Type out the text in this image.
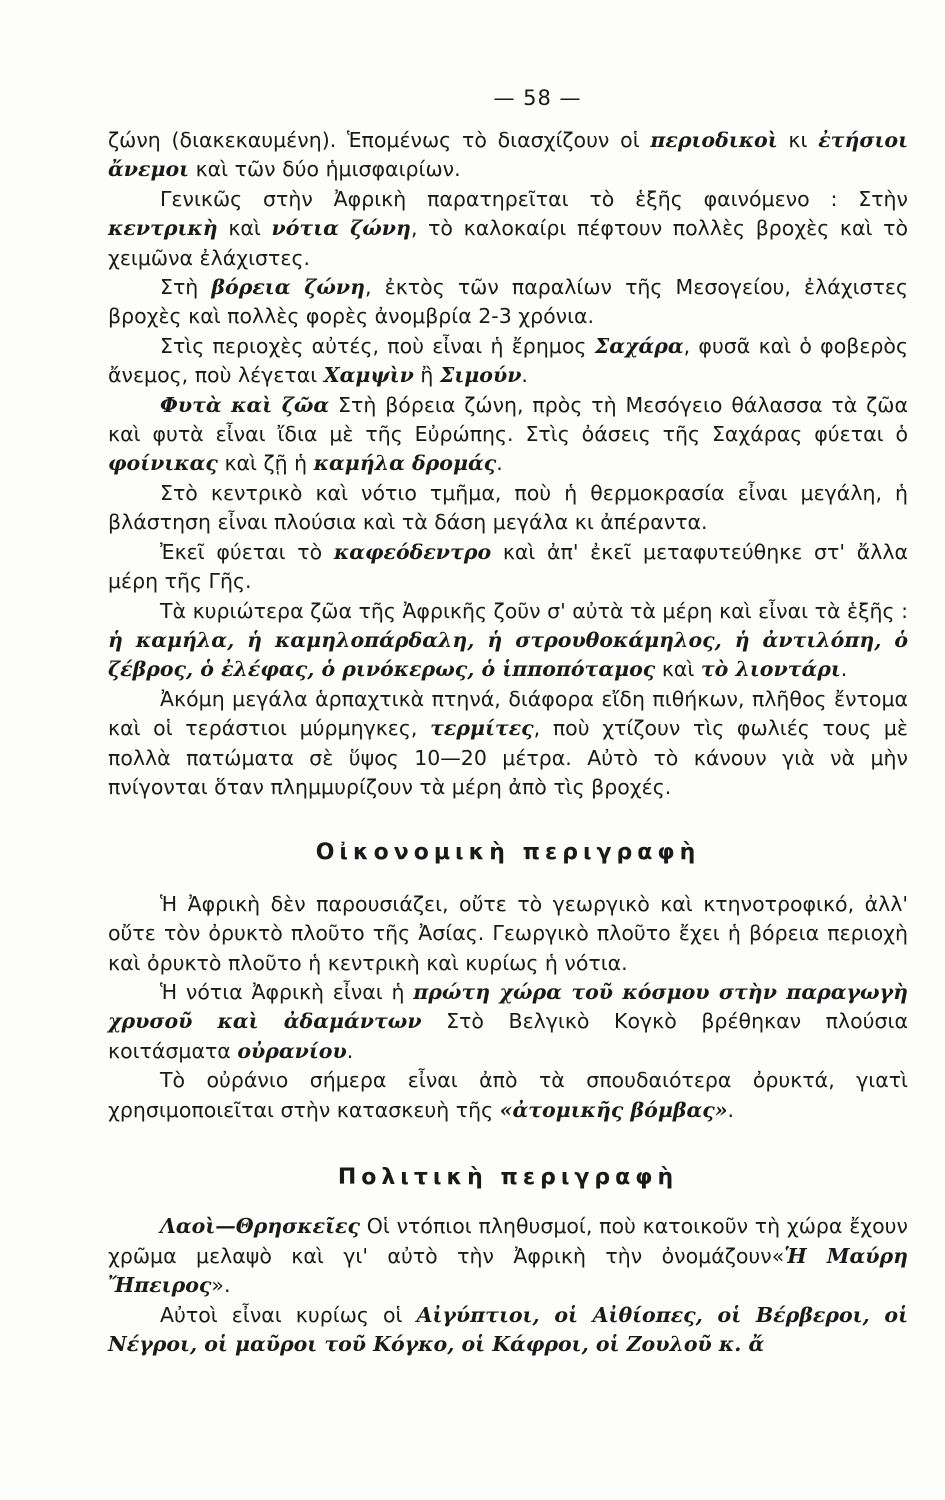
— 58 —

ζώνη (διακεκαυμένη). Ἑπομένως τὸ διασχίζουν οἱ περιοδικοὶ κι ἐτήσιοι ἄνεμοι καὶ τῶν δύο ἡμισφαιρίων.

Γενικῶς στὴν Ἀφρικὴ παρατηρεῖται τὸ ἑξῆς φαινόμενο : Στὴν κεντρικὴ καὶ νότια ζώνη, τὸ καλοκαίρι πέφτουν πολλὲς βροχὲς καὶ τὸ χειμῶνα ἐλάχιστες.

Στὴ βόρεια ζώνη, ἐκτὸς τῶν παραλίων τῆς Μεσογείου, ἐλάχιστες βροχὲς καὶ πολλὲς φορὲς ἀνομβρία 2-3 χρόνια.

Στὶς περιοχὲς αὐτές, ποὺ εἶναι ἡ ἔρημος Σαχάρα, φυσᾶ καὶ ὁ φοβερὸς ἄνεμος, ποὺ λέγεται Χαμψὶν ἢ Σιμούν.

Φυτὰ καὶ ζῶα Στὴ βόρεια ζώνη, πρὸς τὴ Μεσόγειο θάλασσα τὰ ζῶα καὶ φυτὰ εἶναι ἴδια μὲ τῆς Εὐρώπης. Στὶς ὀάσεις τῆς Σαχάρας φύεται ὁ φοίνικας καὶ ζῇ ἡ καμήλα δρομάς.

Στὸ κεντρικὸ καὶ νότιο τμῆμα, ποὺ ἡ θερμοκρασία εἶναι μεγάλη, ἡ βλάστηση εἶναι πλούσια καὶ τὰ δάση μεγάλα κι ἀπέραντα.

Ἐκεῖ φύεται τὸ καφεόδεντρο καὶ ἀπ' ἐκεῖ μεταφυτεύθηκε στ' ἄλλα μέρη τῆς Γῆς.

Τὰ κυριώτερα ζῶα τῆς Ἀφρικῆς ζοῦν σ' αὐτὰ τὰ μέρη καὶ εἶναι τὰ ἑξῆς : ἡ καμήλα, ἡ καμηλοπάρδαλη, ἡ στρουθοκάμηλος, ἡ ἀντιλόπη, ὁ ζέβρος, ὁ ἐλέφας, ὁ ρινόκερως, ὁ ἱπποπόταμος καὶ τὸ λιοντάρι.

Ἀκόμη μεγάλα ἁρπαχτικὰ πτηνά, διάφορα εἴδη πιθήκων, πλῆθος ἔντομα καὶ οἱ τεράστιοι μύρμηγκες, τερμίτες, ποὺ χτίζουν τὶς φωλιές τους μὲ πολλὰ πατώματα σὲ ὕψος 10—20 μέτρα. Αὐτὸ τὸ κάνουν γιὰ νὰ μὴν πνίγονται ὅταν πλημμυρίζουν τὰ μέρη ἀπὸ τὶς βροχές.

Οἰκονομικὴ περιγραφὴ

Ἡ Ἀφρικὴ δὲν παρουσιάζει, οὔτε τὸ γεωργικὸ καὶ κτηνοτροφικό, ἀλλ' οὔτε τὸν ὀρυκτὸ πλοῦτο τῆς Ἀσίας. Γεωργικὸ πλοῦτο ἔχει ἡ βόρεια περιοχὴ καὶ ὀρυκτὸ πλοῦτο ἡ κεντρικὴ καὶ κυρίως ἡ νότια.

Ἡ νότια Ἀφρικὴ εἶναι ἡ πρώτη χώρα τοῦ κόσμου στὴν παραγωγὴ χρυσοῦ καὶ ἀδαμάντων Στὸ Βελγικὸ Κογκὸ βρέθηκαν πλούσια κοιτάσματα οὐρανίου.

Τὸ οὐράνιο σήμερα εἶναι ἀπὸ τὰ σπουδαιότερα ὀρυκτά, γιατὶ χρησιμοποιεῖται στὴν κατασκευὴ τῆς «ἀτομικῆς βόμβας».

Πολιτικὴ περιγραφὴ

Λαοὶ—Θρησκεῖες Οἱ ντόπιοι πληθυσμοί, ποὺ κατοικοῦν τὴ χώρα ἔχουν χρῶμα μελαψὸ καὶ γι' αὐτὸ τὴν Ἀφρικὴ τὴν ὀνομάζουν«Ἡ Μαύρη Ἤπειρος».

Αὐτοὶ εἶναι κυρίως οἱ Αἰγύπτιοι, οἱ Αἰθίοπες, οἱ Βέρβεροι, οἱ Νέγροι, οἱ μαῦροι τοῦ Κόγκο, οἱ Κάφροι, οἱ Ζουλοῦ κ. ἄ
